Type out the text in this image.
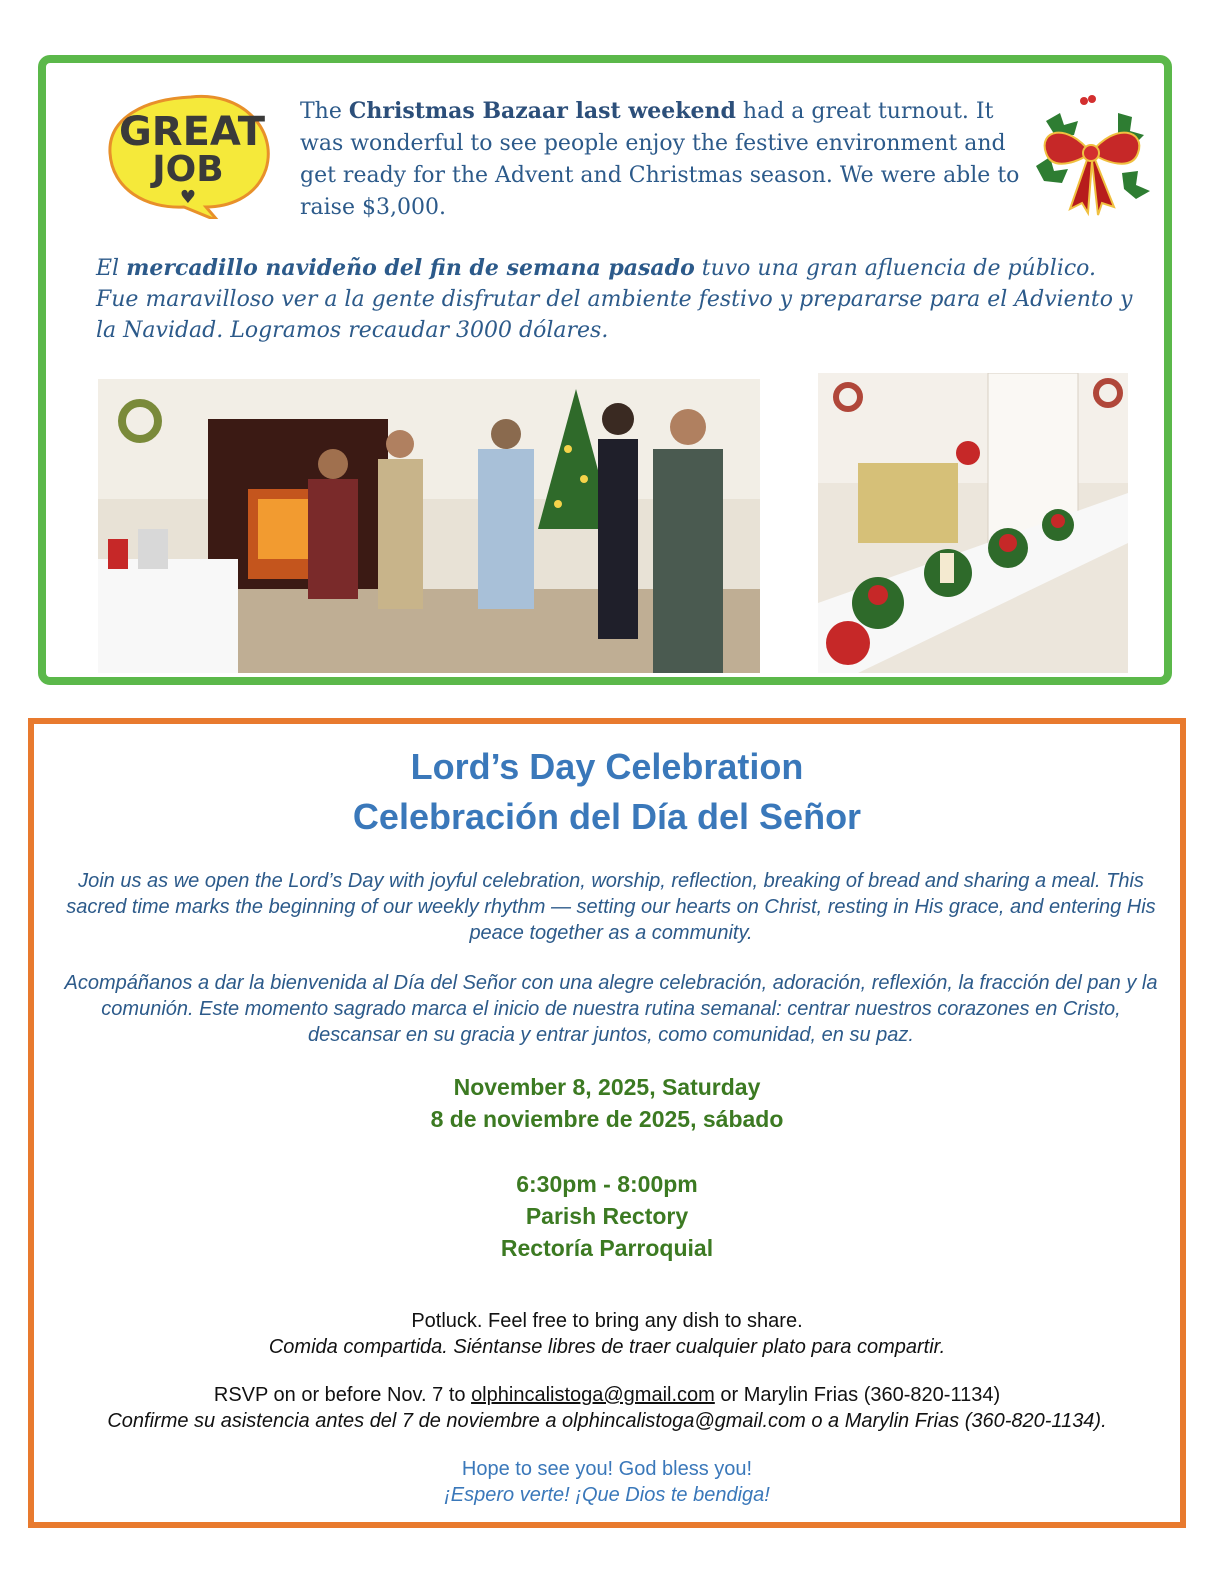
GREAT
JOB
♥
The Christmas Bazaar last weekend had a great turnout. It was wonderful to see people enjoy the festive environment and get ready for the Advent and Christmas season. We were able to raise $3,000.
El mercadillo navideño del fin de semana pasado tuvo una gran afluencia de público. Fue maravilloso ver a la gente disfrutar del ambiente festivo y prepararse para el Adviento y la Navidad. Logramos recaudar 3000 dólares.
Lord’s Day Celebration
Celebración del Día del Señor
Join us as we open the Lord’s Day with joyful celebration, worship, reflection, breaking of bread and sharing a meal. This sacred time marks the beginning of our weekly rhythm — setting our hearts on Christ, resting in His grace, and entering His peace together as a community.
Acompáñanos a dar la bienvenida al Día del Señor con una alegre celebración, adoración, reflexión, la fracción del pan y la comunión. Este momento sagrado marca el inicio de nuestra rutina semanal: centrar nuestros corazones en Cristo, descansar en su gracia y entrar juntos, como comunidad, en su paz.
November 8, 2025, Saturday
8 de noviembre de 2025, sábado
6:30pm - 8:00pm
Parish Rectory
Rectoría Parroquial
Potluck. Feel free to bring any dish to share.
Comida compartida. Siéntanse libres de traer cualquier plato para compartir.
RSVP on or before Nov. 7 to olphincalistoga@gmail.com or Marylin Frias (360-820-1134)
Confirme su asistencia antes del 7 de noviembre a olphincalistoga@gmail.com o a Marylin Frias (360-820-1134).
Hope to see you! God bless you!
¡Espero verte! ¡Que Dios te bendiga!
